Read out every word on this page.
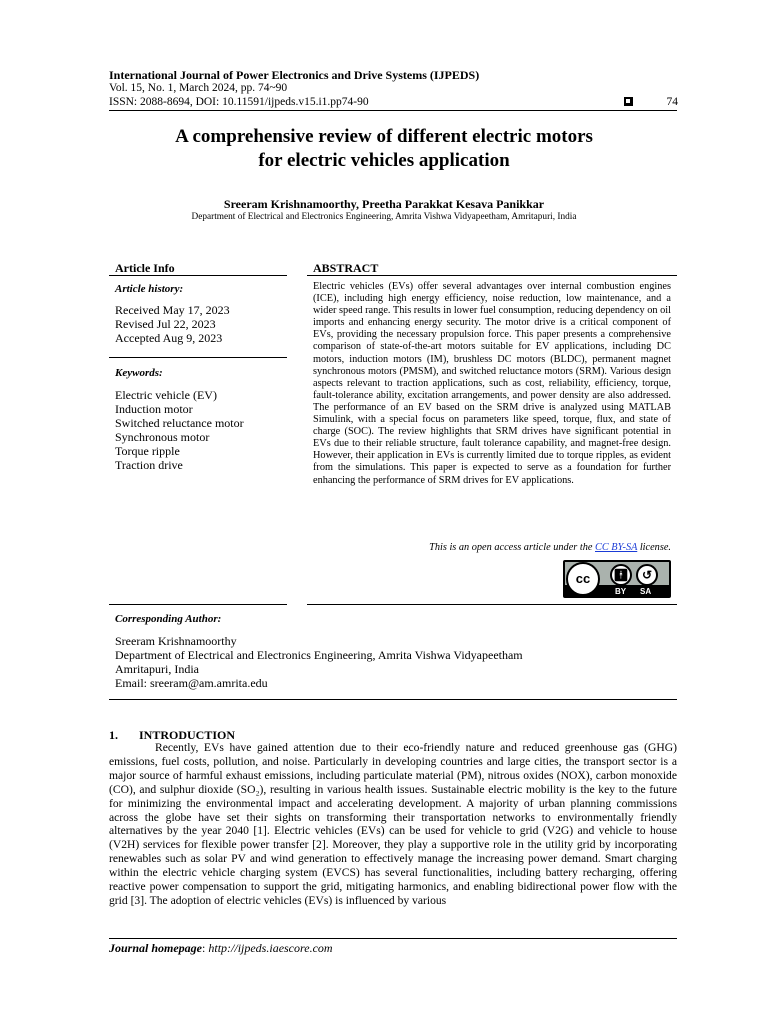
International Journal of Power Electronics and Drive Systems (IJPEDS)
Vol. 15, No. 1, March 2024, pp. 74~90
ISSN: 2088-8694, DOI: 10.11591/ijpeds.v15.i1.pp74-90	74
A comprehensive review of different electric motors
for electric vehicles application
Sreeram Krishnamoorthy, Preetha Parakkat Kesava Panikkar
Department of Electrical and Electronics Engineering, Amrita Vishwa Vidyapeetham, Amritapuri, India
Article Info
Article history:
Received May 17, 2023
Revised Jul 22, 2023
Accepted Aug 9, 2023
Keywords:
Electric vehicle (EV)
Induction motor
Switched reluctance motor
Synchronous motor
Torque ripple
Traction drive
ABSTRACT
Electric vehicles (EVs) offer several advantages over internal combustion engines (ICE), including high energy efficiency, noise reduction, low maintenance, and a wider speed range. This results in lower fuel consumption, reducing dependency on oil imports and enhancing energy security. The motor drive is a critical component of EVs, providing the necessary propulsion force. This paper presents a comprehensive comparison of state-of-the-art motors suitable for EV applications, including DC motors, induction motors (IM), brushless DC motors (BLDC), permanent magnet synchronous motors (PMSM), and switched reluctance motors (SRM). Various design aspects relevant to traction applications, such as cost, reliability, efficiency, torque, fault-tolerance ability, excitation arrangements, and power density are also addressed. The performance of an EV based on the SRM drive is analyzed using MATLAB Simulink, with a special focus on parameters like speed, torque, flux, and state of charge (SOC). The review highlights that SRM drives have significant potential in EVs due to their reliable structure, fault tolerance capability, and magnet-free design. However, their application in EVs is currently limited due to torque ripples, as evident from the simulations. This paper is expected to serve as a foundation for further enhancing the performance of SRM drives for EV applications.
This is an open access article under the CC BY-SA license.
cc	🚹︎	↺
BY SA
Corresponding Author:
Sreeram Krishnamoorthy
Department of Electrical and Electronics Engineering, Amrita Vishwa Vidyapeetham
Amritapuri, India
Email: sreeram@am.amrita.edu
1.       INTRODUCTION

Recently, EVs have gained attention due to their eco-friendly nature and reduced greenhouse gas (GHG) emissions, fuel costs, pollution, and noise. Particularly in developing countries and large cities, the transport sector is a major source of harmful exhaust emissions, including particulate material (PM), nitrous oxides (NOX), carbon monoxide (CO), and sulphur dioxide (SO₂), resulting in various health issues. Sustainable electric mobility is the key to the future for minimizing the environmental impact and accelerating development. A majority of urban planning commissions across the globe have set their sights on transforming their transportation networks to environmentally friendly alternatives by the year 2040 [1]. Electric vehicles (EVs) can be used for vehicle to grid (V2G) and vehicle to house (V2H) services for flexible power transfer [2]. Moreover, they play a supportive role in the utility grid by incorporating renewables such as solar PV and wind generation to effectively manage the increasing power demand. Smart charging within the electric vehicle charging system (EVCS) has several functionalities, including battery recharging, offering reactive power compensation to support the grid, mitigating harmonics, and enabling bidirectional power flow with the grid [3]. The adoption of electric vehicles (EVs) is influenced by various

Journal homepage: http://ijpeds.iaescore.com
